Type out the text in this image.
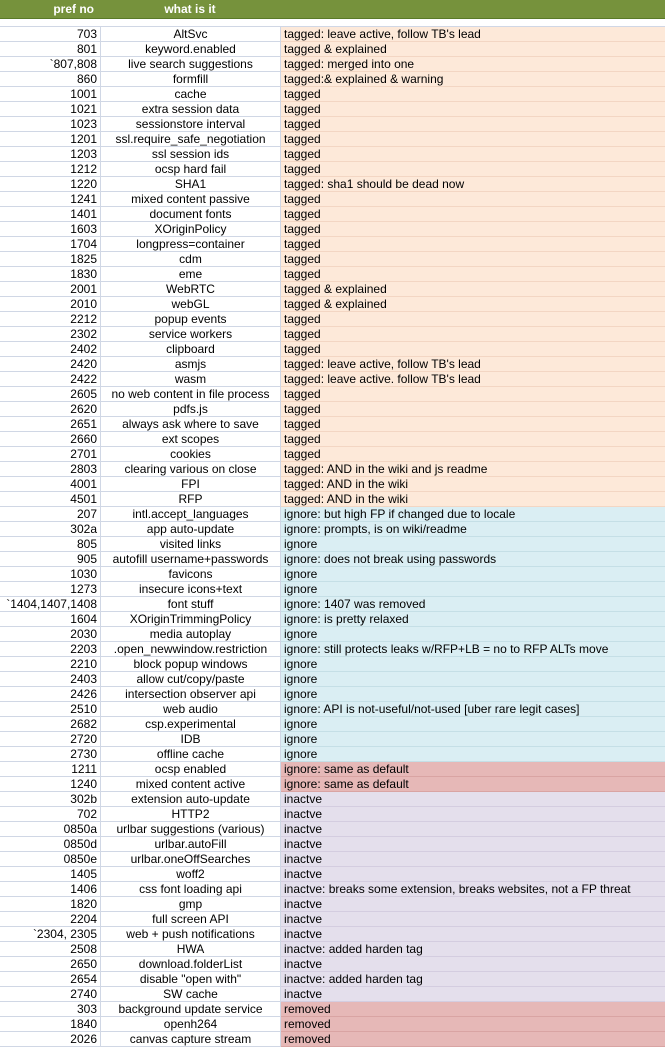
pref no	what is it
703	AltSvc	tagged: leave active, follow TB's lead
801	keyword.enabled	tagged & explained
`807,808	live search suggestions	tagged: merged into one
860	formfill	tagged:& explained & warning
1001	cache	tagged
1021	extra session data	tagged
1023	sessionstore interval	tagged
1201	ssl.require_safe_negotiation	tagged
1203	ssl session ids	tagged
1212	ocsp hard fail	tagged
1220	SHA1	tagged: sha1 should be dead now
1241	mixed content passive	tagged
1401	document fonts	tagged
1603	XOriginPolicy	tagged
1704	longpress=container	tagged
1825	cdm	tagged
1830	eme	tagged
2001	WebRTC	tagged & explained
2010	webGL	tagged & explained
2212	popup events	tagged
2302	service workers	tagged
2402	clipboard	tagged
2420	asmjs	tagged: leave active, follow TB's lead
2422	wasm	tagged: leave active. follow TB's lead
2605	no web content in file process	tagged
2620	pdfs.js	tagged
2651	always ask where to save	tagged
2660	ext scopes	tagged
2701	cookies	tagged
2803	clearing various on close	tagged: AND in the wiki and js readme
4001	FPI	tagged: AND in the wiki
4501	RFP	tagged: AND in the wiki
207	intl.accept_languages	ignore: but high FP if changed due to locale
302a	app auto-update	ignore: prompts, is on wiki/readme
805	visited links	ignore
905	autofill username+passwords	ignore: does not break using passwords
1030	favicons	ignore
1273	insecure icons+text	ignore
`1404,1407,1408	font stuff	ignore: 1407 was removed
1604	XOriginTrimmingPolicy	ignore: is pretty relaxed
2030	media autoplay	ignore
2203	.open_newwindow.restriction	ignore: still protects leaks w/RFP+LB = no to RFP ALTs move
2210	block popup windows	ignore
2403	allow cut/copy/paste	ignore
2426	intersection observer api	ignore
2510	web audio	ignore: API is not-useful/not-used [uber rare legit cases]
2682	csp.experimental	ignore
2720	IDB	ignore
2730	offline cache	ignore
1211	ocsp enabled	ignore: same as default
1240	mixed content active	ignore: same as default
302b	extension auto-update	inactve
702	HTTP2	inactve
0850a	urlbar suggestions (various)	inactve
0850d	urlbar.autoFill	inactve
0850e	urlbar.oneOffSearches	inactve
1405	woff2	inactve
1406	css font loading api	inactve: breaks some extension, breaks websites, not a FP threat
1820	gmp	inactve
2204	full screen API	inactve
`2304, 2305	web + push notifications	inactve
2508	HWA	inactve: added harden tag
2650	download.folderList	inactve
2654	disable "open with"	inactve: added harden tag
2740	SW cache	inactve
303	background update service	removed
1840	openh264	removed
2026	canvas capture stream	removed
